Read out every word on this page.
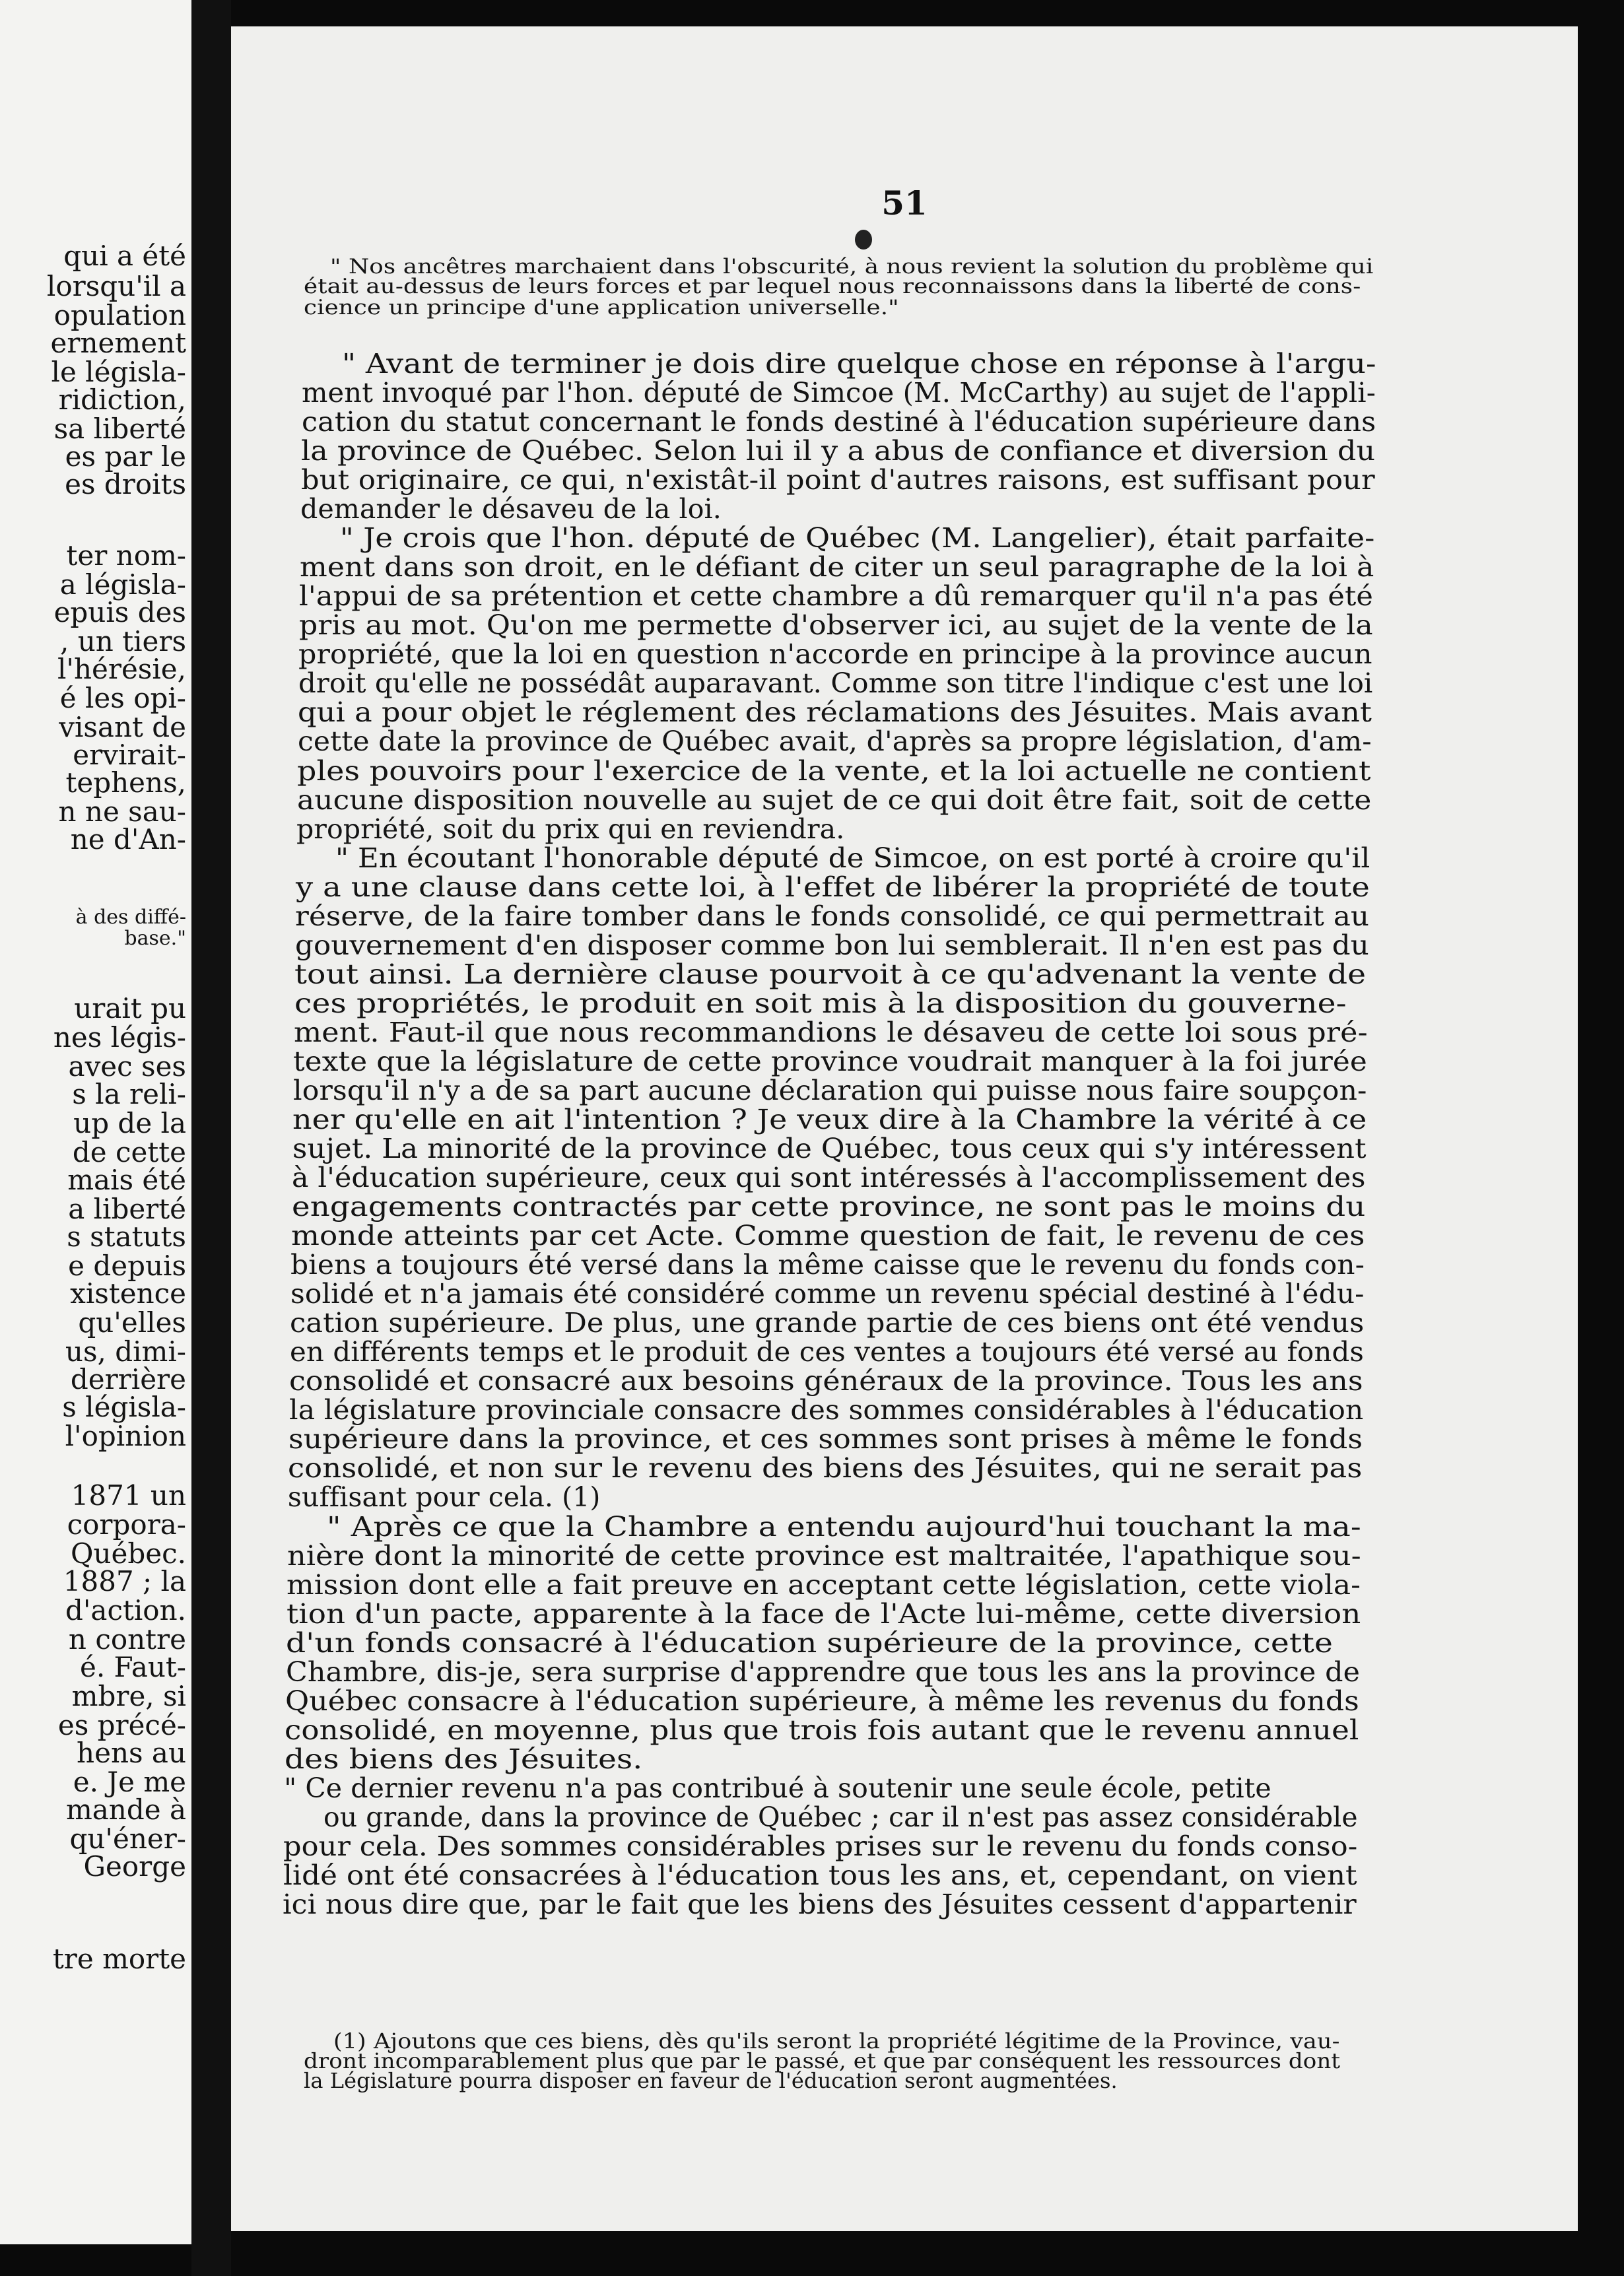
qui a été
lorsqu'il a
opulation
ernement
le législa-
ridiction,
sa liberté
es par le
es droits
ter nom-
a législa-
epuis des
, un tiers
l'hérésie,
é les opi-
visant de
ervirait-
tephens,
n ne sau-
ne d'An-
à des diffé-
base."
urait pu
nes légis-
avec ses
s la reli-
up de la
de cette
mais été
a liberté
s statuts
e depuis
xistence
qu'elles
us, dimi-
derrière
s législa-
l'opinion
1871 un
corpora-
Québec.
1887 ; la
d'action.
n contre
é. Faut-
mbre, si
es précé-
hens au
e. Je me
mande à
qu'éner-
George
tre morte
51
" Nos ancêtres marchaient dans l'obscurité, à nous revient la solution du problème qui
était au-dessus de leurs forces et par lequel nous reconnaissons dans la liberté de cons-
cience un principe d'une application universelle."
" Avant de terminer je dois dire quelque chose en réponse à l'argu-
ment invoqué par l'hon. député de Simcoe (M. McCarthy) au sujet de l'appli-
cation du statut concernant le fonds destiné à l'éducation supérieure dans
la province de Québec. Selon lui il y a abus de confiance et diversion du
but originaire, ce qui, n'existât-il point d'autres raisons, est suffisant pour
demander le désaveu de la loi.
" Je crois que l'hon. député de Québec (M. Langelier), était parfaite-
ment dans son droit, en le défiant de citer un seul paragraphe de la loi à
l'appui de sa prétention et cette chambre a dû remarquer qu'il n'a pas été
pris au mot. Qu'on me permette d'observer ici, au sujet de la vente de la
propriété, que la loi en question n'accorde en principe à la province aucun
droit qu'elle ne possédât auparavant. Comme son titre l'indique c'est une loi
qui a pour objet le réglement des réclamations des Jésuites. Mais avant
cette date la province de Québec avait, d'après sa propre législation, d'am-
ples pouvoirs pour l'exercice de la vente, et la loi actuelle ne contient
aucune disposition nouvelle au sujet de ce qui doit être fait, soit de cette
propriété, soit du prix qui en reviendra.
" En écoutant l'honorable député de Simcoe, on est porté à croire qu'il
y a une clause dans cette loi, à l'effet de libérer la propriété de toute
réserve, de la faire tomber dans le fonds consolidé, ce qui permettrait au
gouvernement d'en disposer comme bon lui semblerait. Il n'en est pas du
tout ainsi. La dernière clause pourvoit à ce qu'advenant la vente de
ces propriétés, le produit en soit mis à la disposition du gouverne-
ment. Faut-il que nous recommandions le désaveu de cette loi sous pré-
texte que la législature de cette province voudrait manquer à la foi jurée
lorsqu'il n'y a de sa part aucune déclaration qui puisse nous faire soupçon-
ner qu'elle en ait l'intention ? Je veux dire à la Chambre la vérité à ce
sujet. La minorité de la province de Québec, tous ceux qui s'y intéressent
à l'éducation supérieure, ceux qui sont intéressés à l'accomplissement des
engagements contractés par cette province, ne sont pas le moins du
monde atteints par cet Acte. Comme question de fait, le revenu de ces
biens a toujours été versé dans la même caisse que le revenu du fonds con-
solidé et n'a jamais été considéré comme un revenu spécial destiné à l'édu-
cation supérieure. De plus, une grande partie de ces biens ont été vendus
en différents temps et le produit de ces ventes a toujours été versé au fonds
consolidé et consacré aux besoins généraux de la province. Tous les ans
la législature provinciale consacre des sommes considérables à l'éducation
supérieure dans la province, et ces sommes sont prises à même le fonds
consolidé, et non sur le revenu des biens des Jésuites, qui ne serait pas
suffisant pour cela. (1)
" Après ce que la Chambre a entendu aujourd'hui touchant la ma-
nière dont la minorité de cette province est maltraitée, l'apathique sou-
mission dont elle a fait preuve en acceptant cette législation, cette viola-
tion d'un pacte, apparente à la face de l'Acte lui-même, cette diversion
d'un fonds consacré à l'éducation supérieure de la province, cette
Chambre, dis-je, sera surprise d'apprendre que tous les ans la province de
Québec consacre à l'éducation supérieure, à même les revenus du fonds
consolidé, en moyenne, plus que trois fois autant que le revenu annuel
des biens des Jésuites.
" Ce dernier revenu n'a pas contribué à soutenir une seule école, petite
ou grande, dans la province de Québec ; car il n'est pas assez considérable
pour cela. Des sommes considérables prises sur le revenu du fonds conso-
lidé ont été consacrées à l'éducation tous les ans, et, cependant, on vient
ici nous dire que, par le fait que les biens des Jésuites cessent d'appartenir
(1) Ajoutons que ces biens, dès qu'ils seront la propriété légitime de la Province, vau-
dront incomparablement plus que par le passé, et que par conséquent les ressources dont
la Législature pourra disposer en faveur de l'éducation seront augmentées.
